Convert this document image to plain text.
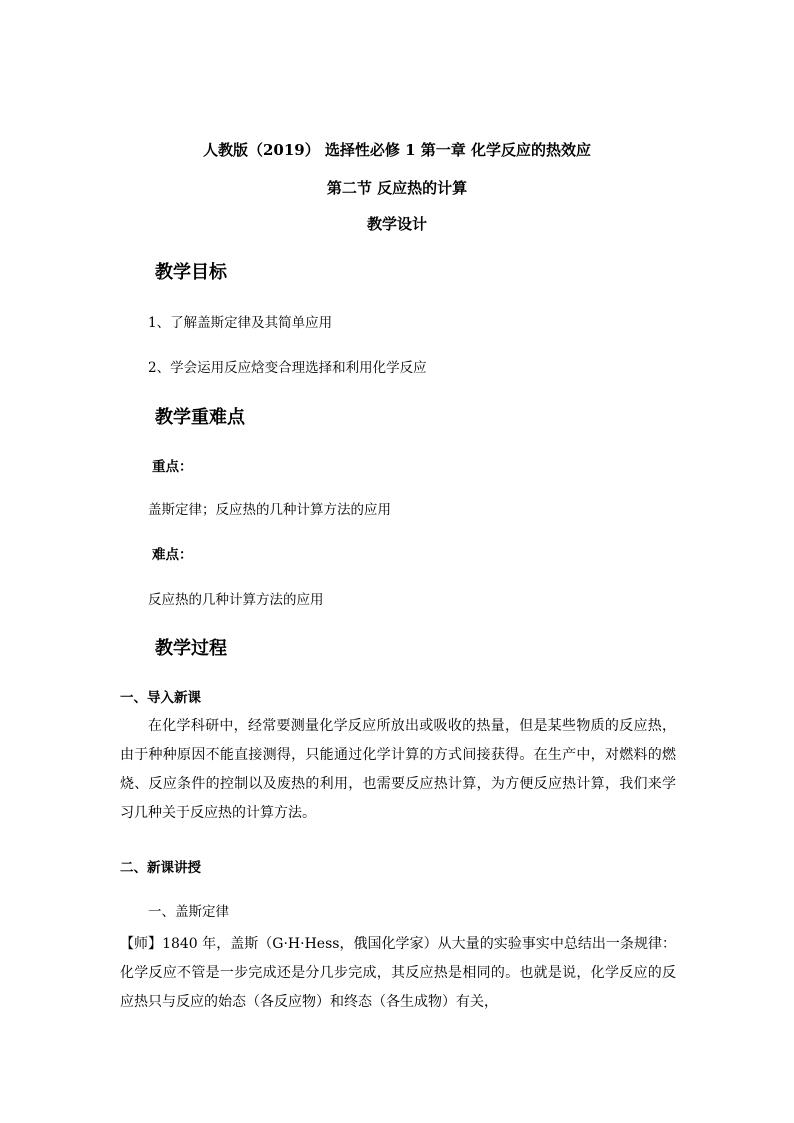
人教版（2019） 选择性必修 1 第一章 化学反应的热效应
第二节 反应热的计算
教学设计
教学目标
1、了解盖斯定律及其简单应用
2、学会运用反应焓变合理选择和利用化学反应
教学重难点
重点：
盖斯定律；反应热的几种计算方法的应用
难点：
反应热的几种计算方法的应用
教学过程
一、导入新课

在化学科研中，经常要测量化学反应所放出或吸收的热量，但是某些物质的反应热，由于种种原因不能直接测得，只能通过化学计算的方式间接获得。在生产中，对燃料的燃烧、反应条件的控制以及废热的利用，也需要反应热计算，为方便反应热计算，我们来学习几种关于反应热的计算方法。

二、新课讲授
一、盖斯定律

【师】1840 年，盖斯（G·H·Hess，俄国化学家）从大量的实验事实中总结出一条规律：化学反应不管是一步完成还是分几步完成，其反应热是相同的。也就是说，化学反应的反应热只与反应的始态（各反应物）和终态（各生成物）有关，
